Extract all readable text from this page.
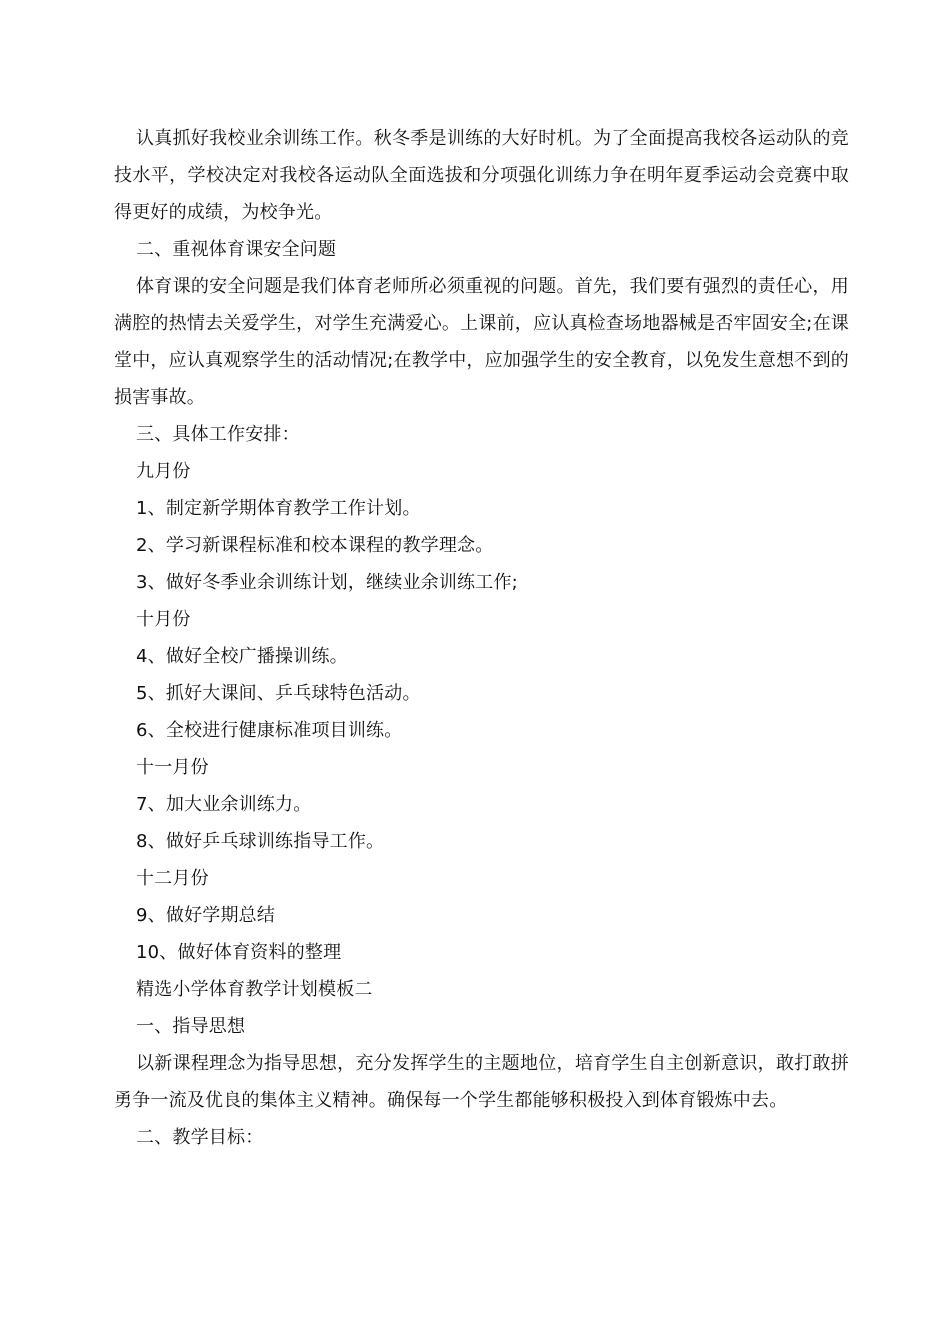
认真抓好我校业余训练工作。秋冬季是训练的大好时机。为了全面提高我校各运动队的竞技水平，学校决定对我校各运动队全面选拔和分项强化训练力争在明年夏季运动会竞赛中取得更好的成绩，为校争光。

二、重视体育课安全问题

体育课的安全问题是我们体育老师所必须重视的问题。首先，我们要有强烈的责任心，用满腔的热情去关爱学生，对学生充满爱心。上课前，应认真检查场地器械是否牢固安全;在课堂中，应认真观察学生的活动情况;在教学中，应加强学生的安全教育，以免发生意想不到的损害事故。

三、具体工作安排：

九月份

1、制定新学期体育教学工作计划。

2、学习新课程标准和校本课程的教学理念。

3、做好冬季业余训练计划，继续业余训练工作;

十月份

4、做好全校广播操训练。

5、抓好大课间、乒乓球特色活动。

6、全校进行健康标准项目训练。

十一月份

7、加大业余训练力。

8、做好乒乓球训练指导工作。

十二月份

9、做好学期总结

10、做好体育资料的整理

精选小学体育教学计划模板二

一、指导思想

以新课程理念为指导思想，充分发挥学生的主题地位，培育学生自主创新意识，敢打敢拼勇争一流及优良的集体主义精神。确保每一个学生都能够积极投入到体育锻炼中去。

二、教学目标：
